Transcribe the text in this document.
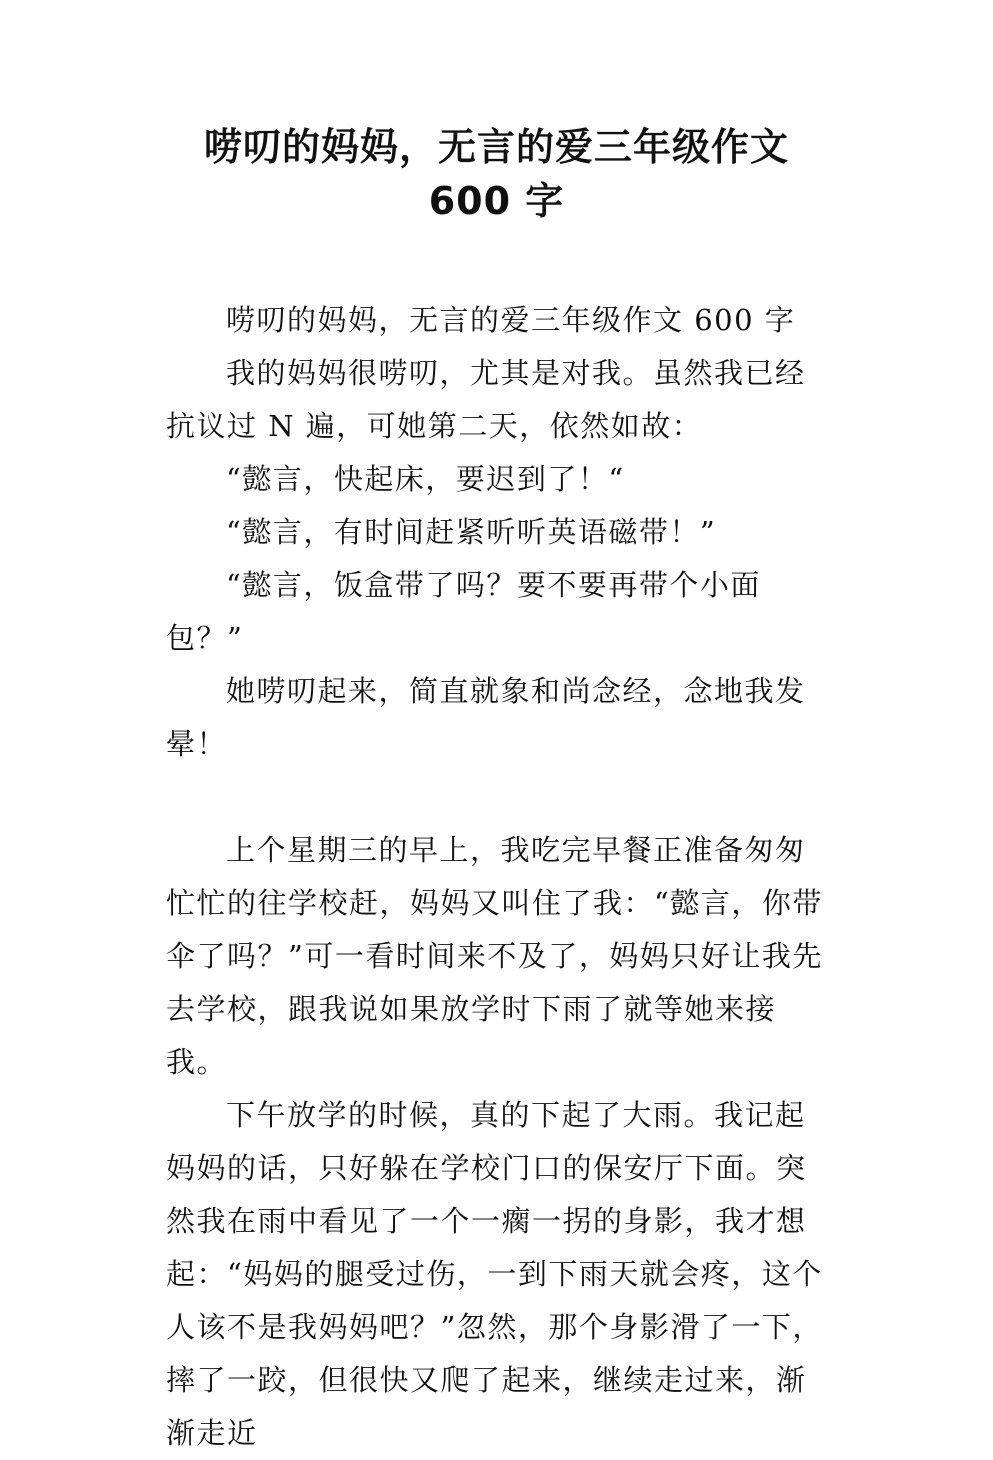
唠叨的妈妈，无言的爱三年级作文
600 字

唠叨的妈妈，无言的爱三年级作文 600 字

我的妈妈很唠叨，尤其是对我。虽然我已经抗议过 N 遍，可她第二天，依然如故：

“懿言，快起床，要迟到了！“

“懿言，有时间赶紧听听英语磁带！”

“懿言，饭盒带了吗？要不要再带个小面包？”

她唠叨起来，简直就象和尚念经，念地我发晕！

上个星期三的早上，我吃完早餐正准备匆匆忙忙的往学校赶，妈妈又叫住了我：“懿言，你带伞了吗？”可一看时间来不及了，妈妈只好让我先去学校，跟我说如果放学时下雨了就等她来接我。

下午放学的时候，真的下起了大雨。我记起妈妈的话，只好躲在学校门口的保安厅下面。突然我在雨中看见了一个一瘸一拐的身影，我才想起：“妈妈的腿受过伤，一到下雨天就会疼，这个人该不是我妈妈吧？”忽然，那个身影滑了一下，摔了一跤，但很快又爬了起来，继续走过来，渐渐走近
